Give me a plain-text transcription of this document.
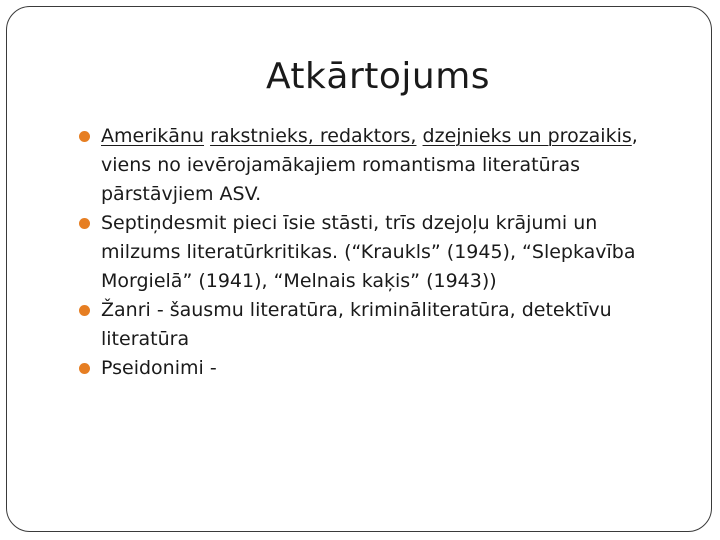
Atkārtojums
Amerikānu rakstnieks, redaktors, dzejnieks un prozaikis, viens no ievērojamākajiem romantisma literatūras pārstāvjiem ASV.
Septiņdesmit pieci īsie stāsti, trīs dzejoļu krājumi un milzums literatūrkritikas. (“Kraukls” (1945), “Slepkavība Morgielā” (1941), “Melnais kaķis” (1943))
Žanri - šausmu literatūra, krimināliteratūra, detektīvu literatūra
Pseidonimi -
